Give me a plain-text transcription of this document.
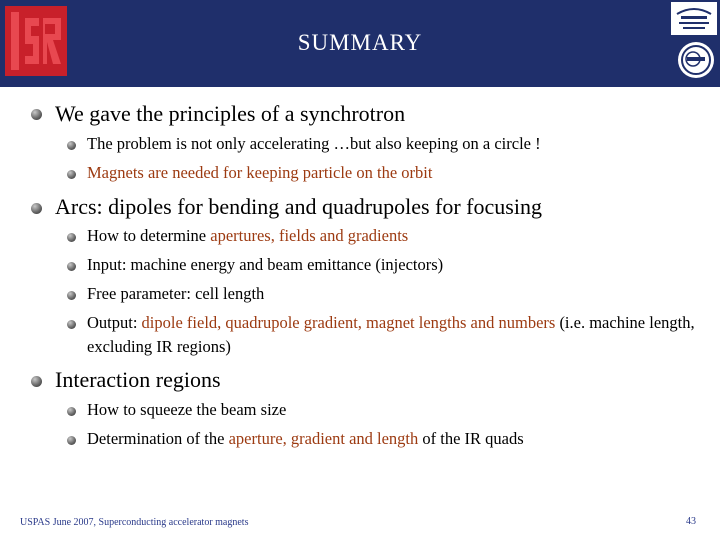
SUMMARY
We gave the principles of a synchrotron
The problem is not only accelerating …but also keeping on a circle !
Magnets are needed for keeping particle on the orbit
Arcs: dipoles for bending and quadrupoles for focusing
How to determine apertures, fields and gradients
Input: machine energy and beam emittance (injectors)
Free parameter: cell length
Output: dipole field, quadrupole gradient, magnet lengths and numbers (i.e. machine length, excluding IR regions)
Interaction regions
How to squeeze the beam size
Determination of the aperture, gradient and length of the IR quads
USPAS June 2007, Superconducting accelerator magnets	43
